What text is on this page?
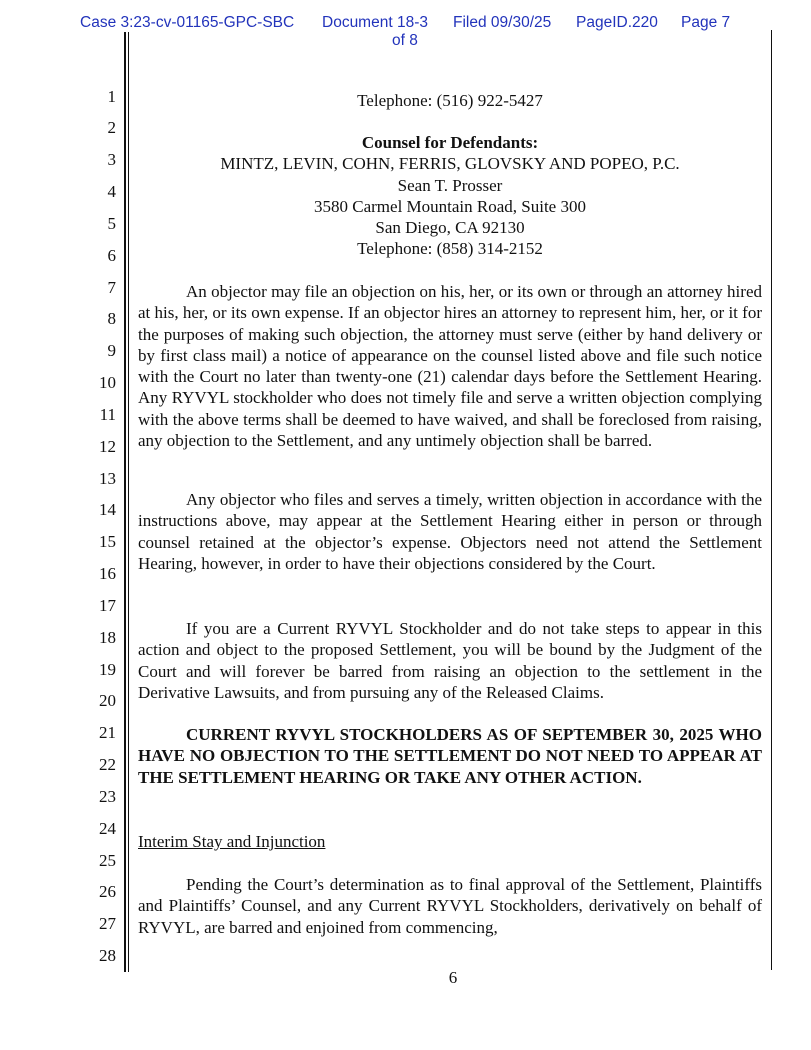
Case 3:23-cv-01165-GPC-SBC Document 18-3 Filed 09/30/25 PageID.220 Page 7
of 8
1
2
3
4
5
6
7
8
9
10
11
12
13
14
15
16
17
18
19
20
21
22
23
24
25
26
27
28
Telephone: (516) 922-5427
Counsel for Defendants:
MINTZ, LEVIN, COHN, FERRIS, GLOVSKY AND POPEO, P.C.
Sean T. Prosser
3580 Carmel Mountain Road, Suite 300
San Diego, CA 92130
Telephone: (858) 314-2152

An objector may file an objection on his, her, or its own or through an attorney hired at his, her, or its own expense. If an objector hires an attorney to represent him, her, or it for the purposes of making such objection, the attorney must serve (either by hand delivery or by first class mail) a notice of appearance on the counsel listed above and file such notice with the Court no later than twenty-one (21) calendar days before the Settlement Hearing. Any RYVYL stockholder who does not timely file and serve a written objection complying with the above terms shall be deemed to have waived, and shall be foreclosed from raising, any objection to the Settlement, and any untimely objection shall be barred.

Any objector who files and serves a timely, written objection in accordance with the instructions above, may appear at the Settlement Hearing either in person or through counsel retained at the objector’s expense. Objectors need not attend the Settlement Hearing, however, in order to have their objections considered by the Court.

If you are a Current RYVYL Stockholder and do not take steps to appear in this action and object to the proposed Settlement, you will be bound by the Judgment of the Court and will forever be barred from raising an objection to the settlement in the Derivative Lawsuits, and from pursuing any of the Released Claims.

CURRENT RYVYL STOCKHOLDERS AS OF SEPTEMBER 30, 2025 WHO HAVE NO OBJECTION TO THE SETTLEMENT DO NOT NEED TO APPEAR AT THE SETTLEMENT HEARING OR TAKE ANY OTHER ACTION.

Interim Stay and Injunction

Pending the Court’s determination as to final approval of the Settlement, Plaintiffs and Plaintiffs’ Counsel, and any Current RYVYL Stockholders, derivatively on behalf of RYVYL, are barred and enjoined from commencing,

6
